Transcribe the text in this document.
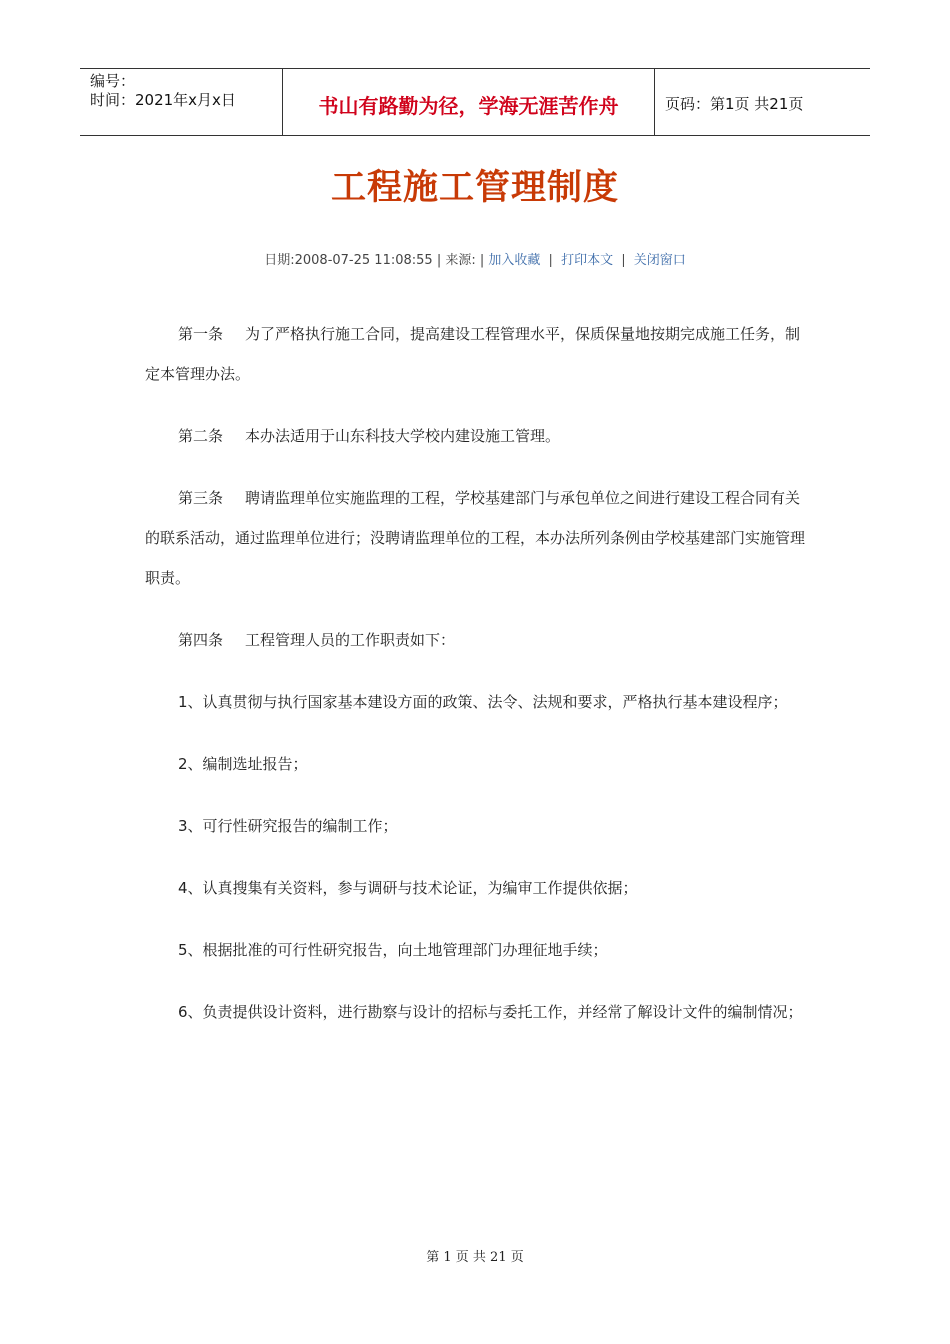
编号：
时间：2021年x月x日	书山有路勤为径，学海无涯苦作舟	页码：第1页 共21页
工程施工管理制度
日期:2008-07-25 11:08:55 | 来源: | 加入收藏 | 打印本文 | 关闭窗口

第一条 为了严格执行施工合同，提高建设工程管理水平，保质保量地按期完成施工任务，制定本管理办法。

第二条 本办法适用于山东科技大学校内建设施工管理。

第三条 聘请监理单位实施监理的工程，学校基建部门与承包单位之间进行建设工程合同有关的联系活动，通过监理单位进行；没聘请监理单位的工程，本办法所列条例由学校基建部门实施管理职责。

第四条 工程管理人员的工作职责如下：

1、认真贯彻与执行国家基本建设方面的政策、法令、法规和要求，严格执行基本建设程序；

2、编制选址报告；

3、可行性研究报告的编制工作；

4、认真搜集有关资料，参与调研与技术论证，为编审工作提供依据；

5、根据批准的可行性研究报告，向土地管理部门办理征地手续；

6、负责提供设计资料，进行勘察与设计的招标与委托工作，并经常了解设计文件的编制情况；

第 1 页 共 21 页
